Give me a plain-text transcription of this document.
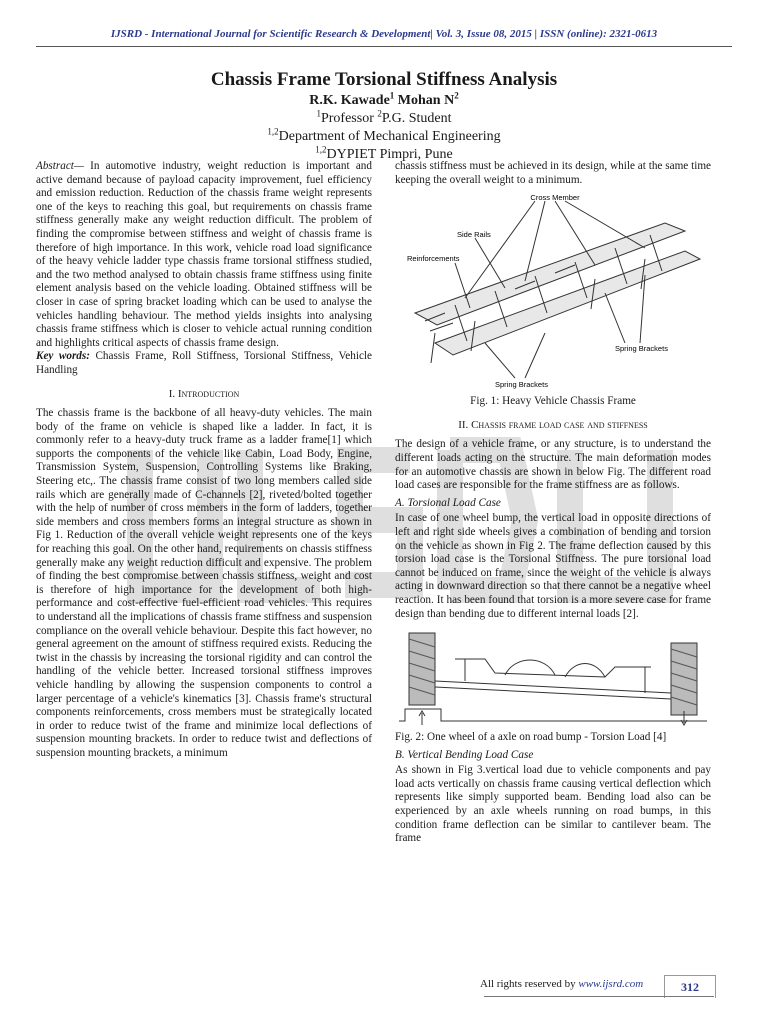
IJSRD - International Journal for Scientific Research & Development| Vol. 3, Issue 08, 2015 | ISSN (online): 2321-0613
Chassis Frame Torsional Stiffness Analysis
R.K. Kawade$^1$ Mohan $N^2$
$^1$Professor $^2$P.G. Student
$^{1,2}$Department of Mechanical Engineering
$^{1,2}$DYPIET Pimpri, Pune

Abstract— In automotive industry, weight reduction is important and active demand because of payload capacity improvement, fuel efficiency and emission reduction. Reduction of the chassis frame weight represents one of the keys to reaching this goal, but requirements on chassis frame stiffness generally make any weight reduction difficult. The problem of finding the compromise between stiffness and weight of chassis frame is therefore of high importance. In this work, vehicle road load significance of the heavy vehicle ladder type chassis frame torsional stiffness studied, and the two method analysed to obtain chassis frame stiffness using finite element analysis based on the vehicle loading. Obtained stiffness will be closer in case of spring bracket loading which can be used to analyse the vehicles handling behaviour. The method yields insights into analysing chassis frame stiffness which is closer to vehicle actual running condition and highlights critical aspects of chassis frame design.

Key words: Chassis Frame, Roll Stiffness, Torsional Stiffness, Vehicle Handling

I. Introduction

The chassis frame is the backbone of all heavy-duty vehicles. The main body of the frame on vehicle is shaped like a ladder. In fact, it is commonly refer to a heavy-duty truck frame as a ladder frame[1] which supports the components of the vehicle like Cabin, Load Body, Engine, Transmission System, Suspension, Controlling Systems like Braking, Steering etc,. The chassis frame consist of two long members called side rails which are generally made of C-channels [2], riveted/bolted together with the help of number of cross members in the form of ladders, together side members and cross members forms an integral structure as shown in Fig 1. Reduction of the overall vehicle weight represents one of the keys for reaching this goal. On the other hand, requirements on chassis stiffness generally make any weight reduction difficult and expensive. The problem of finding the best compromise between chassis stiffness, weight and cost is therefore of high importance for the development of both high-performance and cost-effective fuel-efficient road vehicles. This requires to understand all the implications of chassis frame stiffness and suspension compliance on the overall vehicle behaviour. Despite this fact however, no general agreement on the amount of stiffness required exists. Reducing the twist in the chassis by increasing the torsional rigidity and can control the handling of the vehicle better. Increased torsional stiffness improves vehicle handling by allowing the suspension components to control a larger percentage of a vehicle's kinematics [3]. Chassis frame's structural components reinforcements, cross members must be strategically located in order to reduce twist of the frame and minimize local deflections of suspension mounting brackets. In order to reduce twist and deflections of suspension mounting brackets, a minimum

chassis stiffness must be achieved in its design, while at the same time keeping the overall weight to a minimum.

Cross Member
Side Rails
Reinforcements
Spring Brackets
Spring Brackets
Fig. 1: Heavy Vehicle Chassis Frame
II. Chassis frame load case and stiffness

The design of a vehicle frame, or any structure, is to understand the different loads acting on the structure. The main deformation modes for an automotive chassis are shown in below Fig. The different road load cases are responsible for the frame stiffness are as follows.

A. Torsional Load Case

In case of one wheel bump, the vertical load in opposite directions of left and right side wheels gives a combination of bending and torsion on the vehicle as shown in Fig 2. The frame deflection caused by this torsion load case is the Torsional Stiffness. The pure torsional load cannot be induced on frame, since the weight of the vehicle is always acting in downward direction so that there cannot be a negative wheel reaction. It has been found that torsion is a more severe case for frame design than bending due to different internal loads [2].

Fig. 2: One wheel of a axle on road bump - Torsion Load [4]
B. Vertical Bending Load Case

As shown in Fig 3.vertical load due to vehicle components and pay load acts vertically on chassis frame causing vertical deflection which represents like simply supported beam. Bending load also can be experienced by an axle wheels running on road bumps, in this condition frame deflection can be similar to cantilever beam. The frame

All rights reserved by www.ijsrd.com	312
